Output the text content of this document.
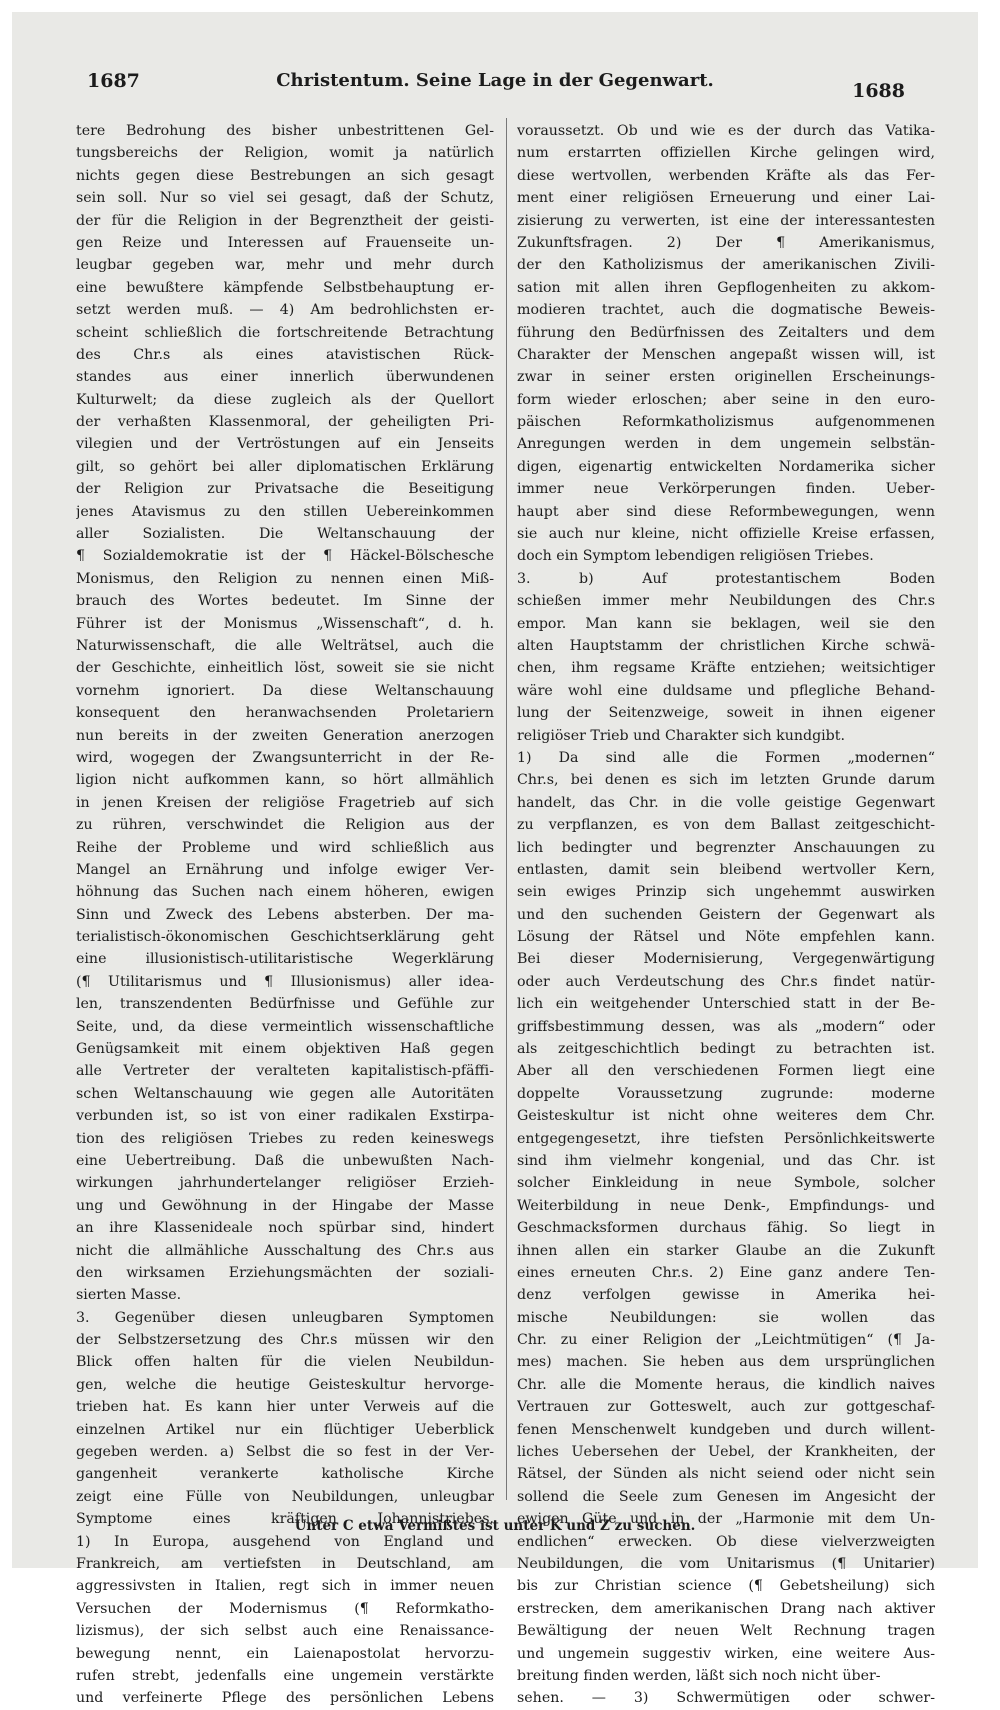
1687	Christentum. Seine Lage in der Gegenwart.	1688
tere Bedrohung des bisher unbestrittenen Gel-
tungsbereichs der Religion, womit ja natürlich
nichts gegen diese Bestrebungen an sich gesagt
sein soll. Nur so viel sei gesagt, daß der Schutz,
der für die Religion in der Begrenztheit der geisti-
gen Reize und Interessen auf Frauenseite un-
leugbar gegeben war, mehr und mehr durch
eine bewußtere kämpfende Selbstbehauptung er-
setzt werden muß. — 4) Am bedrohlichsten er-
scheint schließlich die fortschreitende Betrachtung
des Chr.s als eines atavistischen Rück-
standes aus einer innerlich überwundenen
Kulturwelt; da diese zugleich als der Quellort
der verhaßten Klassenmoral, der geheiligten Pri-
vilegien und der Vertröstungen auf ein Jenseits
gilt, so gehört bei aller diplomatischen Erklärung
der Religion zur Privatsache die Beseitigung
jenes Atavismus zu den stillen Uebereinkommen
aller Sozialisten. Die Weltanschauung der
¶ Sozialdemokratie ist der ¶ Häckel-Bölschesche
Monismus, den Religion zu nennen einen Miß-
brauch des Wortes bedeutet. Im Sinne der
Führer ist der Monismus „Wissenschaft“, d. h.
Naturwissenschaft, die alle Welträtsel, auch die
der Geschichte, einheitlich löst, soweit sie sie nicht
vornehm ignoriert. Da diese Weltanschauung
konsequent den heranwachsenden Proletariern
nun bereits in der zweiten Generation anerzogen
wird, wogegen der Zwangsunterricht in der Re-
ligion nicht aufkommen kann, so hört allmählich
in jenen Kreisen der religiöse Fragetrieb auf sich
zu rühren, verschwindet die Religion aus der
Reihe der Probleme und wird schließlich aus
Mangel an Ernährung und infolge ewiger Ver-
höhnung das Suchen nach einem höheren, ewigen
Sinn und Zweck des Lebens absterben. Der ma-
terialistisch-ökonomischen Geschichtserklärung geht
eine illusionistisch-utilitaristische Wegerklärung
(¶ Utilitarismus und ¶ Illusionismus) aller idea-
len, transzendenten Bedürfnisse und Gefühle zur
Seite, und, da diese vermeintlich wissenschaftliche
Genügsamkeit mit einem objektiven Haß gegen
alle Vertreter der veralteten kapitalistisch-pfäffi-
schen Weltanschauung wie gegen alle Autoritäten
verbunden ist, so ist von einer radikalen Exstirpa-
tion des religiösen Triebes zu reden keineswegs
eine Uebertreibung. Daß die unbewußten Nach-
wirkungen jahrhundertelanger religiöser Erzieh-
ung und Gewöhnung in der Hingabe der Masse
an ihre Klassenideale noch spürbar sind, hindert
nicht die allmähliche Ausschaltung des Chr.s aus
den wirksamen Erziehungsmächten der soziali-
sierten Masse.
3. Gegenüber diesen unleugbaren Symptomen
der Selbstzersetzung des Chr.s müssen wir den
Blick offen halten für die vielen Neubildun-
gen, welche die heutige Geisteskultur hervorge-
trieben hat. Es kann hier unter Verweis auf die
einzelnen Artikel nur ein flüchtiger Ueberblick
gegeben werden. a) Selbst die so fest in der Ver-
gangenheit verankerte katholische Kirche
zeigt eine Fülle von Neubildungen, unleugbar
Symptome eines kräftigen Johannistriebes.
1) In Europa, ausgehend von England und
Frankreich, am vertiefsten in Deutschland, am
aggressivsten in Italien, regt sich in immer neuen
Versuchen der Modernismus (¶ Reformkatho-
lizismus), der sich selbst auch eine Renaissance-
bewegung nennt, ein Laienapostolat hervorzu-
rufen strebt, jedenfalls eine ungemein verstärkte
und verfeinerte Pflege des persönlichen Lebens
voraussetzt. Ob und wie es der durch das Vatika-
num erstarrten offiziellen Kirche gelingen wird,
diese wertvollen, werbenden Kräfte als das Fer-
ment einer religiösen Erneuerung und einer Lai-
zisierung zu verwerten, ist eine der interessantesten
Zukunftsfragen. 2) Der ¶ Amerikanismus,
der den Katholizismus der amerikanischen Zivili-
sation mit allen ihren Gepflogenheiten zu akkom-
modieren trachtet, auch die dogmatische Beweis-
führung den Bedürfnissen des Zeitalters und dem
Charakter der Menschen angepaßt wissen will, ist
zwar in seiner ersten originellen Erscheinungs-
form wieder erloschen; aber seine in den euro-
päischen Reformkatholizismus aufgenommenen
Anregungen werden in dem ungemein selbstän-
digen, eigenartig entwickelten Nordamerika sicher
immer neue Verkörperungen finden. Ueber-
haupt aber sind diese Reformbewegungen, wenn
sie auch nur kleine, nicht offizielle Kreise erfassen,
doch ein Symptom lebendigen religiösen Triebes.
3. b) Auf protestantischem Boden
schießen immer mehr Neubildungen des Chr.s
empor. Man kann sie beklagen, weil sie den
alten Hauptstamm der christlichen Kirche schwä-
chen, ihm regsame Kräfte entziehen; weitsichtiger
wäre wohl eine duldsame und pflegliche Behand-
lung der Seitenzweige, soweit in ihnen eigener
religiöser Trieb und Charakter sich kundgibt.
1) Da sind alle die Formen „modernen“
Chr.s, bei denen es sich im letzten Grunde darum
handelt, das Chr. in die volle geistige Gegenwart
zu verpflanzen, es von dem Ballast zeitgeschicht-
lich bedingter und begrenzter Anschauungen zu
entlasten, damit sein bleibend wertvoller Kern,
sein ewiges Prinzip sich ungehemmt auswirken
und den suchenden Geistern der Gegenwart als
Lösung der Rätsel und Nöte empfehlen kann.
Bei dieser Modernisierung, Vergegenwärtigung
oder auch Verdeutschung des Chr.s findet natür-
lich ein weitgehender Unterschied statt in der Be-
griffsbestimmung dessen, was als „modern“ oder
als zeitgeschichtlich bedingt zu betrachten ist.
Aber all den verschiedenen Formen liegt eine
doppelte Voraussetzung zugrunde: moderne
Geisteskultur ist nicht ohne weiteres dem Chr.
entgegengesetzt, ihre tiefsten Persönlichkeitswerte
sind ihm vielmehr kongenial, und das Chr. ist
solcher Einkleidung in neue Symbole, solcher
Weiterbildung in neue Denk-, Empfindungs- und
Geschmacksformen durchaus fähig. So liegt in
ihnen allen ein starker Glaube an die Zukunft
eines erneuten Chr.s. 2) Eine ganz andere Ten-
denz verfolgen gewisse in Amerika hei-
mische Neubildungen: sie wollen das
Chr. zu einer Religion der „Leichtmütigen“ (¶ Ja-
mes) machen. Sie heben aus dem ursprünglichen
Chr. alle die Momente heraus, die kindlich naives
Vertrauen zur Gotteswelt, auch zur gottgeschaf-
fenen Menschenwelt kundgeben und durch willent-
liches Uebersehen der Uebel, der Krankheiten, der
Rätsel, der Sünden als nicht seiend oder nicht sein
sollend die Seele zum Genesen im Angesicht der
ewigen Güte und in der „Harmonie mit dem Un-
endlichen“ erwecken. Ob diese vielverzweigten
Neubildungen, die vom Unitarismus (¶ Unitarier)
bis zur Christian science (¶ Gebetsheilung) sich
erstrecken, dem amerikanischen Drang nach aktiver
Bewältigung der neuen Welt Rechnung tragen
und ungemein suggestiv wirken, eine weitere Aus-
breitung finden werden, läßt sich noch nicht über-
sehen. — 3) Schwermütigen oder schwer-
Unter C etwa Vermißtes ist unter K und Z zu suchen.
